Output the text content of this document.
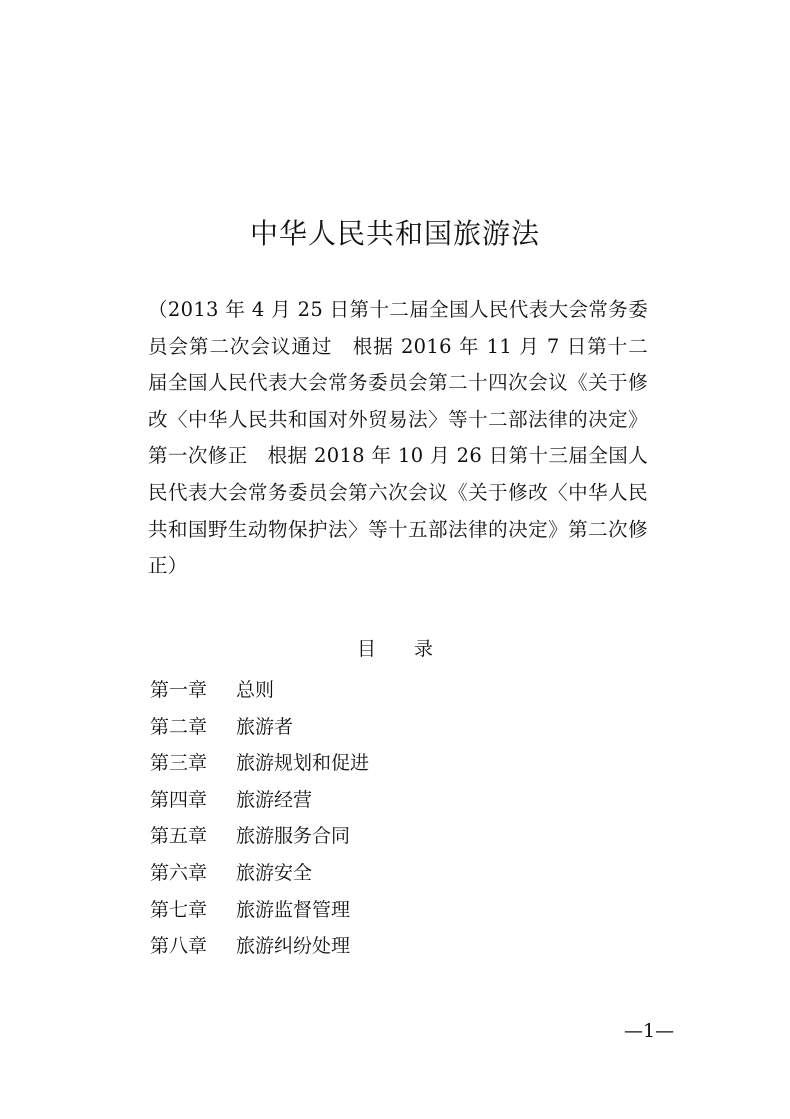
中华人民共和国旅游法
（2013 年 4 月 25 日第十二届全国人民代表大会常务委员会第二次会议通过　根据 2016 年 11 月 7 日第十二届全国人民代表大会常务委员会第二十四次会议《关于修改〈中华人民共和国对外贸易法〉等十二部法律的决定》第一次修正　根据 2018 年 10 月 26 日第十三届全国人民代表大会常务委员会第六次会议《关于修改〈中华人民共和国野生动物保护法〉等十五部法律的决定》第二次修正）
目 录
第一章 总则
第二章 旅游者
第三章 旅游规划和促进
第四章 旅游经营
第五章 旅游服务合同
第六章 旅游安全
第七章 旅游监督管理
第八章 旅游纠纷处理
—1—
